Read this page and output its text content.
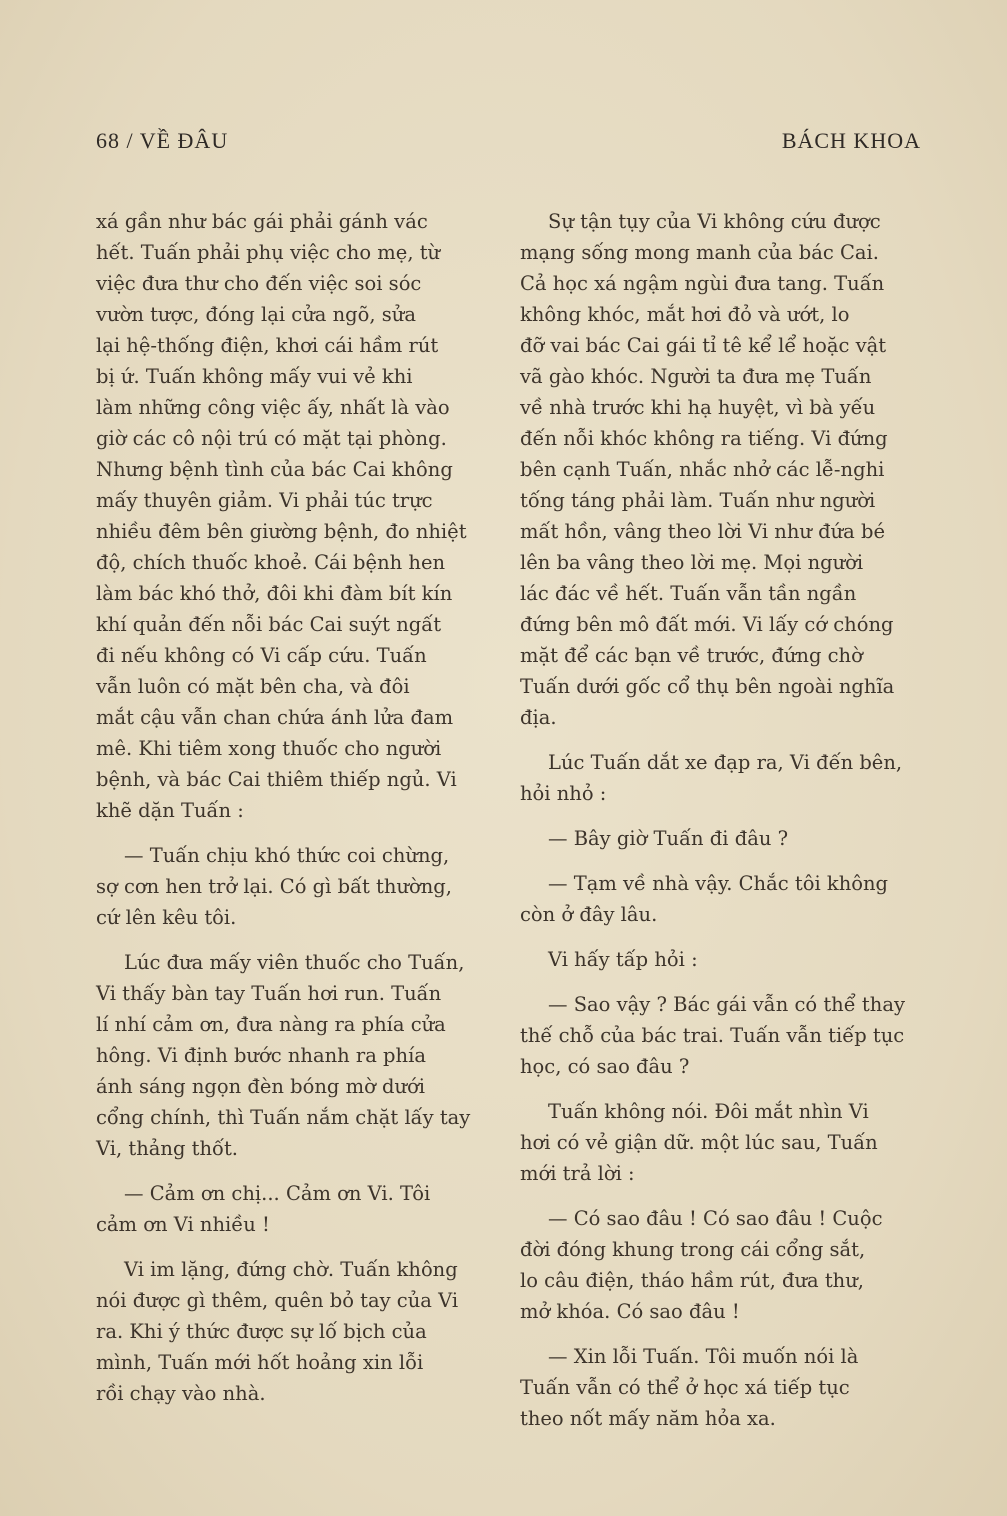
68 / VỀ ĐÂU	BÁCH KHOA

xá gần như bác gái phải gánh vác
hết. Tuấn phải phụ việc cho mẹ, từ
việc đưa thư cho đến việc soi sóc
vườn tược, đóng lại cửa ngõ, sửa
lại hệ-thống điện, khơi cái hầm rút
bị ứ. Tuấn không mấy vui vẻ khi
làm những công việc ấy, nhất là vào
giờ các cô nội trú có mặt tại phòng.
Nhưng bệnh tình của bác Cai không
mấy thuyên giảm. Vi phải túc trực
nhiều đêm bên giường bệnh, đo nhiệt
độ, chích thuốc khoẻ. Cái bệnh hen
làm bác khó thở, đôi khi đàm bít kín
khí quản đến nỗi bác Cai suýt ngất
đi nếu không có Vi cấp cứu. Tuấn
vẫn luôn có mặt bên cha, và đôi
mắt cậu vẫn chan chứa ánh lửa đam
mê. Khi tiêm xong thuốc cho người
bệnh, và bác Cai thiêm thiếp ngủ. Vi
khẽ dặn Tuấn :

— Tuấn chịu khó thức coi chừng,
sợ cơn hen trở lại. Có gì bất thường,
cứ lên kêu tôi.

Lúc đưa mấy viên thuốc cho Tuấn,
Vi thấy bàn tay Tuấn hơi run. Tuấn
lí nhí cảm ơn, đưa nàng ra phía cửa
hông. Vi định bước nhanh ra phía
ánh sáng ngọn đèn bóng mờ dưới
cổng chính, thì Tuấn nắm chặt lấy tay
Vi, thảng thốt.

— Cảm ơn chị... Cảm ơn Vi. Tôi
cảm ơn Vi nhiều !

Vi im lặng, đứng chờ. Tuấn không
nói được gì thêm, quên bỏ tay của Vi
ra. Khi ý thức được sự lố bịch của
mình, Tuấn mới hốt hoảng xin lỗi
rồi chạy vào nhà.

Sự tận tụy của Vi không cứu được
mạng sống mong manh của bác Cai.
Cả học xá ngậm ngùi đưa tang. Tuấn
không khóc, mắt hơi đỏ và ướt, lo
đỡ vai bác Cai gái tỉ tê kể lể hoặc vật
vã gào khóc. Người ta đưa mẹ Tuấn
về nhà trước khi hạ huyệt, vì bà yếu
đến nỗi khóc không ra tiếng. Vi đứng
bên cạnh Tuấn, nhắc nhở các lễ-nghi
tống táng phải làm. Tuấn như người
mất hồn, vâng theo lời Vi như đứa bé
lên ba vâng theo lời mẹ. Mọi người
lác đác về hết. Tuấn vẫn tần ngần
đứng bên mô đất mới. Vi lấy cớ chóng
mặt để các bạn về trước, đứng chờ
Tuấn dưới gốc cổ thụ bên ngoài nghĩa
địa.

Lúc Tuấn dắt xe đạp ra, Vi đến bên,
hỏi nhỏ :

— Bây giờ Tuấn đi đâu ?

— Tạm về nhà vậy. Chắc tôi không
còn ở đây lâu.

Vi hấy tấp hỏi :

— Sao vậy ? Bác gái vẫn có thể thay
thế chỗ của bác trai. Tuấn vẫn tiếp tục
học, có sao đâu ?

Tuấn không nói. Đôi mắt nhìn Vi
hơi có vẻ giận dữ. một lúc sau, Tuấn
mới trả lời :

— Có sao đâu ! Có sao đâu ! Cuộc
đời đóng khung trong cái cổng sắt,
lo câu điện, tháo hầm rút, đưa thư,
mở khóa. Có sao đâu !

— Xin lỗi Tuấn. Tôi muốn nói là
Tuấn vẫn có thể ở học xá tiếp tục
theo nốt mấy năm hỏa xa.
